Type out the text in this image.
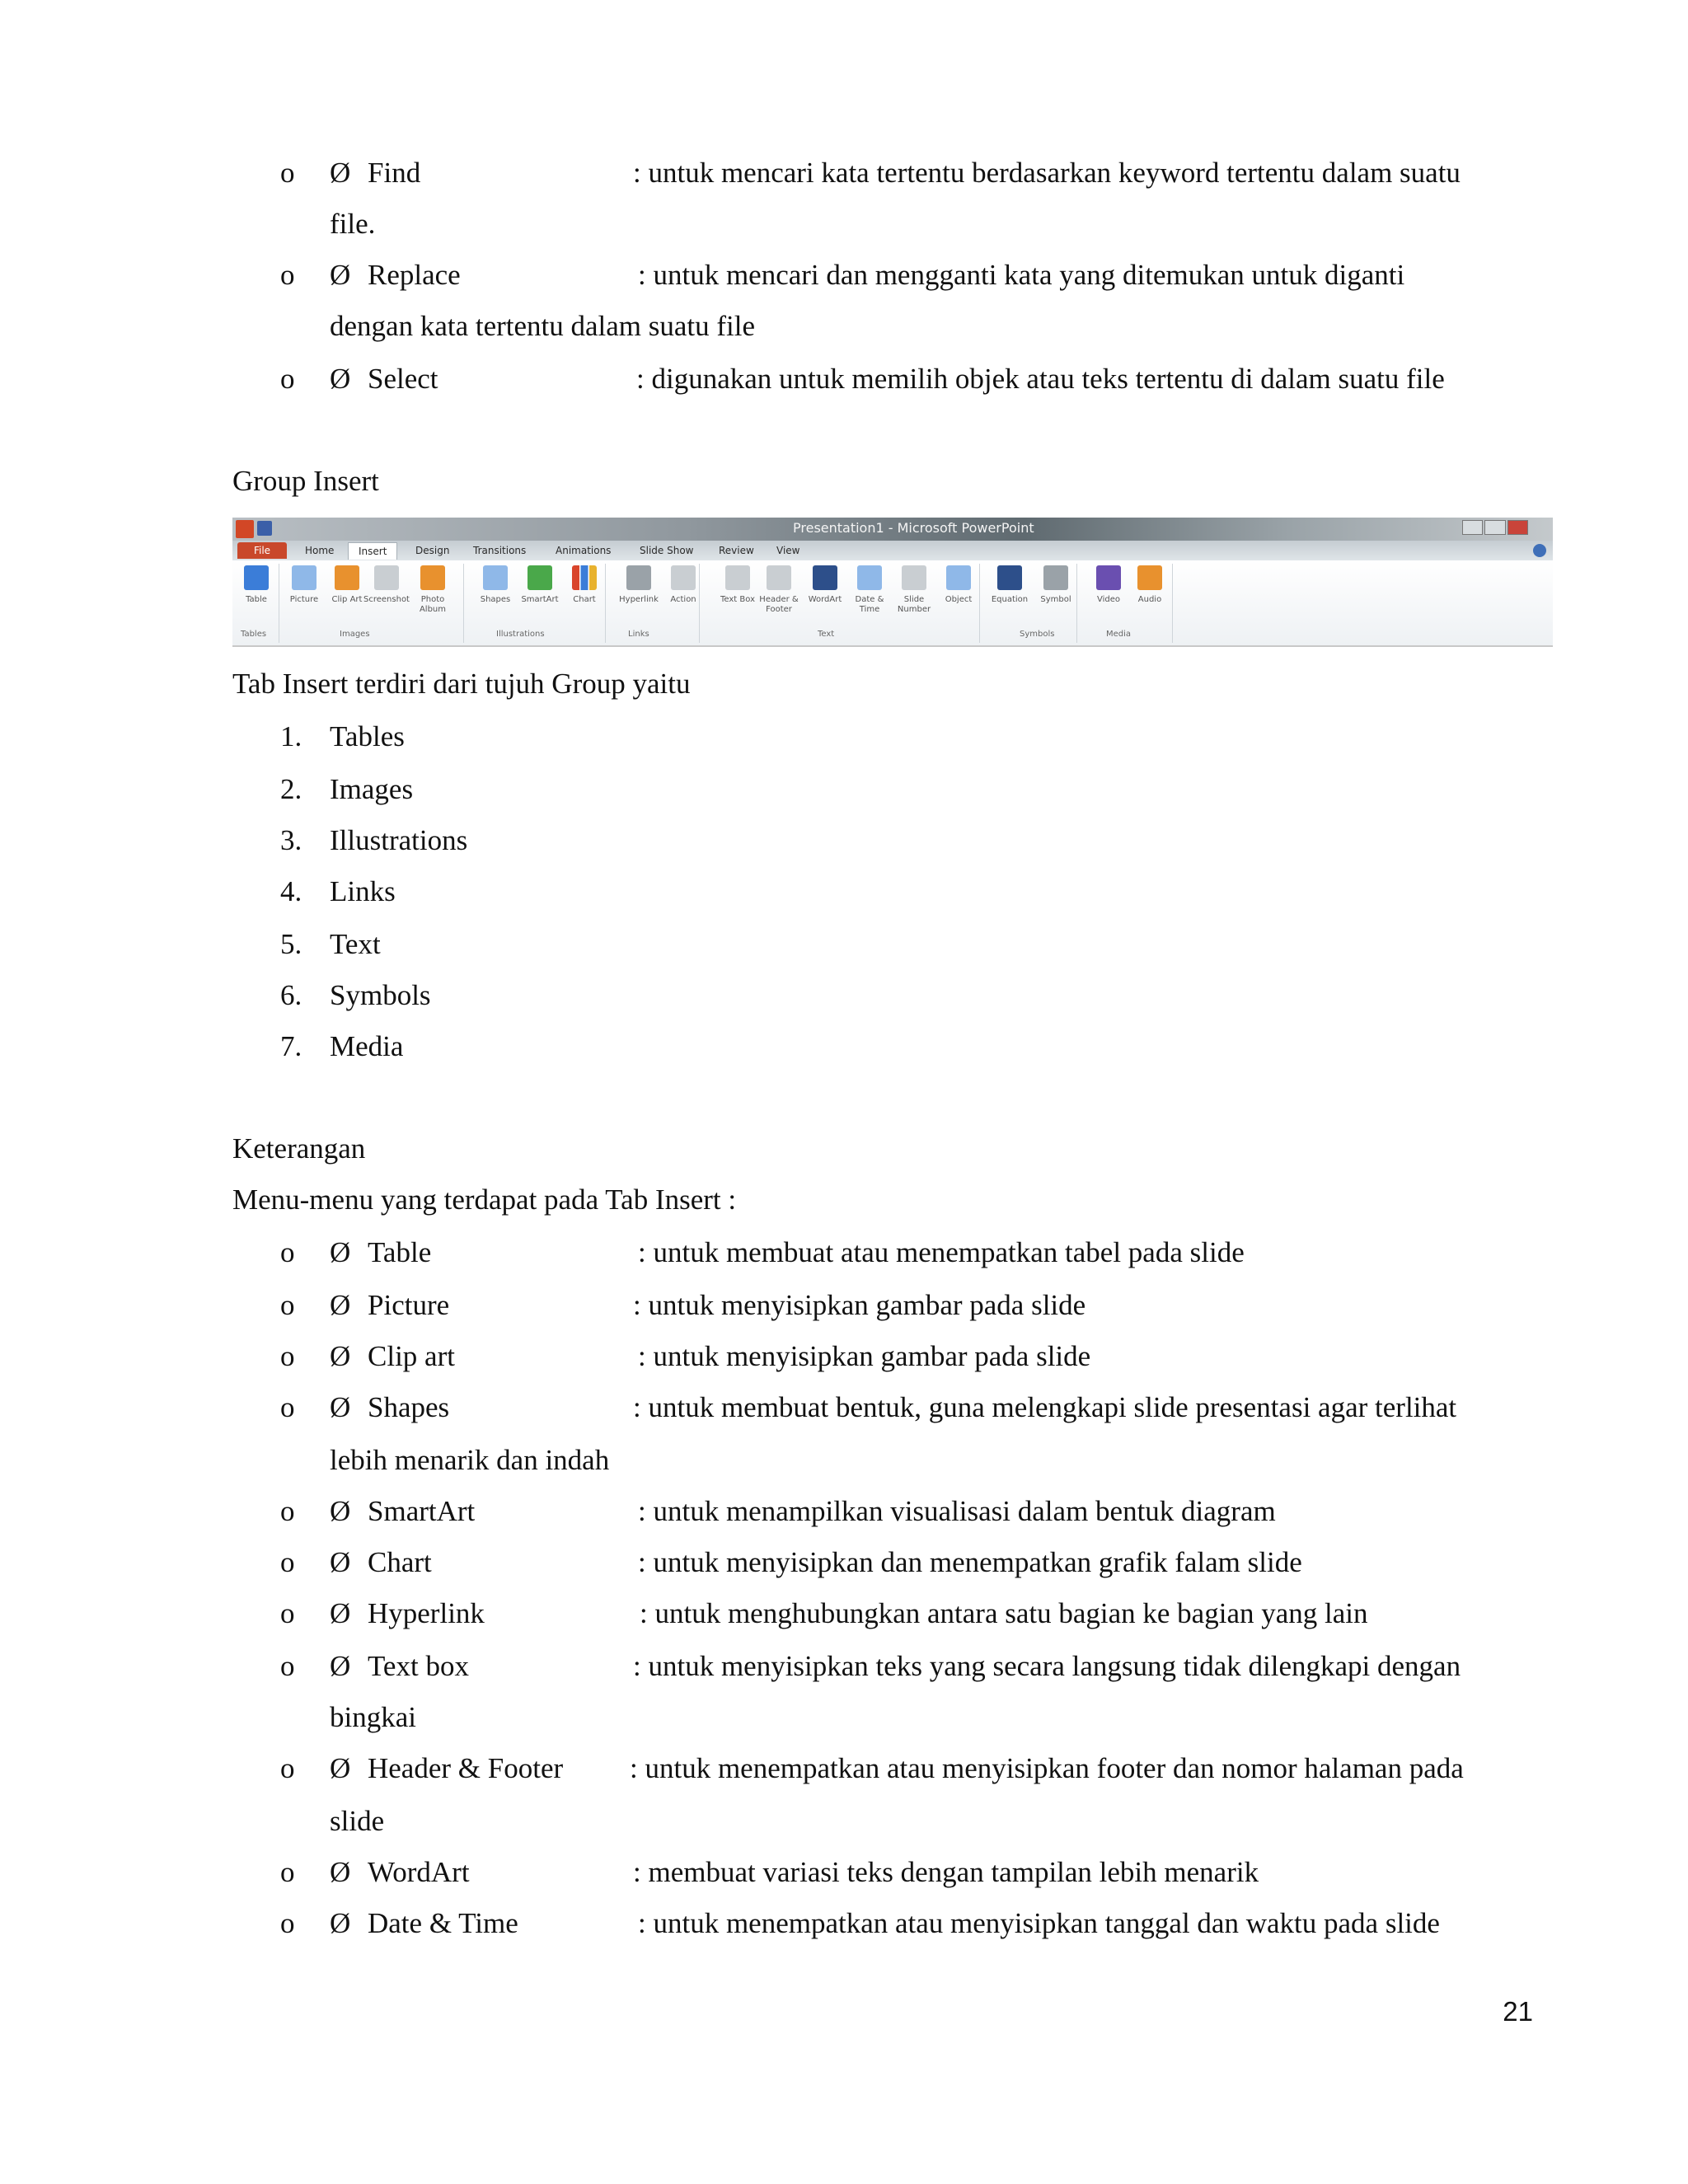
o Ø Find	: untuk mencari kata tertentu berdasarkan keyword tertentu dalam suatu
file.
o Ø Replace	: untuk mencari dan mengganti kata yang ditemukan untuk diganti
dengan kata tertentu dalam suatu file
o Ø Select	: digunakan untuk memilih objek atau teks tertentu di dalam suatu file
Group Insert
Presentation1 - Microsoft PowerPoint
File	Home	Insert	Design Transitions	Animations	Slide Show	Review View
Table	Picture	Clip Art Screenshot	Photo Album
Shapes	SmartArt	Chart	Hyperlink	Action	Text Box Header & Footer
WordArt	Date & Time
Slide Number
Object	Equation	Symbol	Video	Audio
Tables	Images	Illustrations	Links	Text	Symbols	Media
Tab Insert terdiri dari tujuh Group yaitu
1. Tables
2. Images
3. Illustrations
4. Links
5. Text
6. Symbols
7. Media
Keterangan
Menu-menu yang terdapat pada Tab Insert :
o Ø Table	: untuk membuat atau menempatkan tabel pada slide
o Ø Picture	: untuk menyisipkan gambar pada slide
o Ø Clip art	: untuk menyisipkan gambar pada slide
o Ø Shapes	: untuk membuat bentuk, guna melengkapi slide presentasi agar terlihat
lebih menarik dan indah
o Ø SmartArt	: untuk menampilkan visualisasi dalam bentuk diagram
o Ø Chart	: untuk menyisipkan dan menempatkan grafik falam slide
o Ø Hyperlink	: untuk menghubungkan antara satu bagian ke bagian yang lain
o Ø Text box	: untuk menyisipkan teks yang secara langsung tidak dilengkapi dengan
bingkai
o Ø Header & Footer : untuk menempatkan atau menyisipkan footer dan nomor halaman pada
slide
o Ø WordArt	: membuat variasi teks dengan tampilan lebih menarik
o Ø Date & Time	: untuk menempatkan atau menyisipkan tanggal dan waktu pada slide
21
